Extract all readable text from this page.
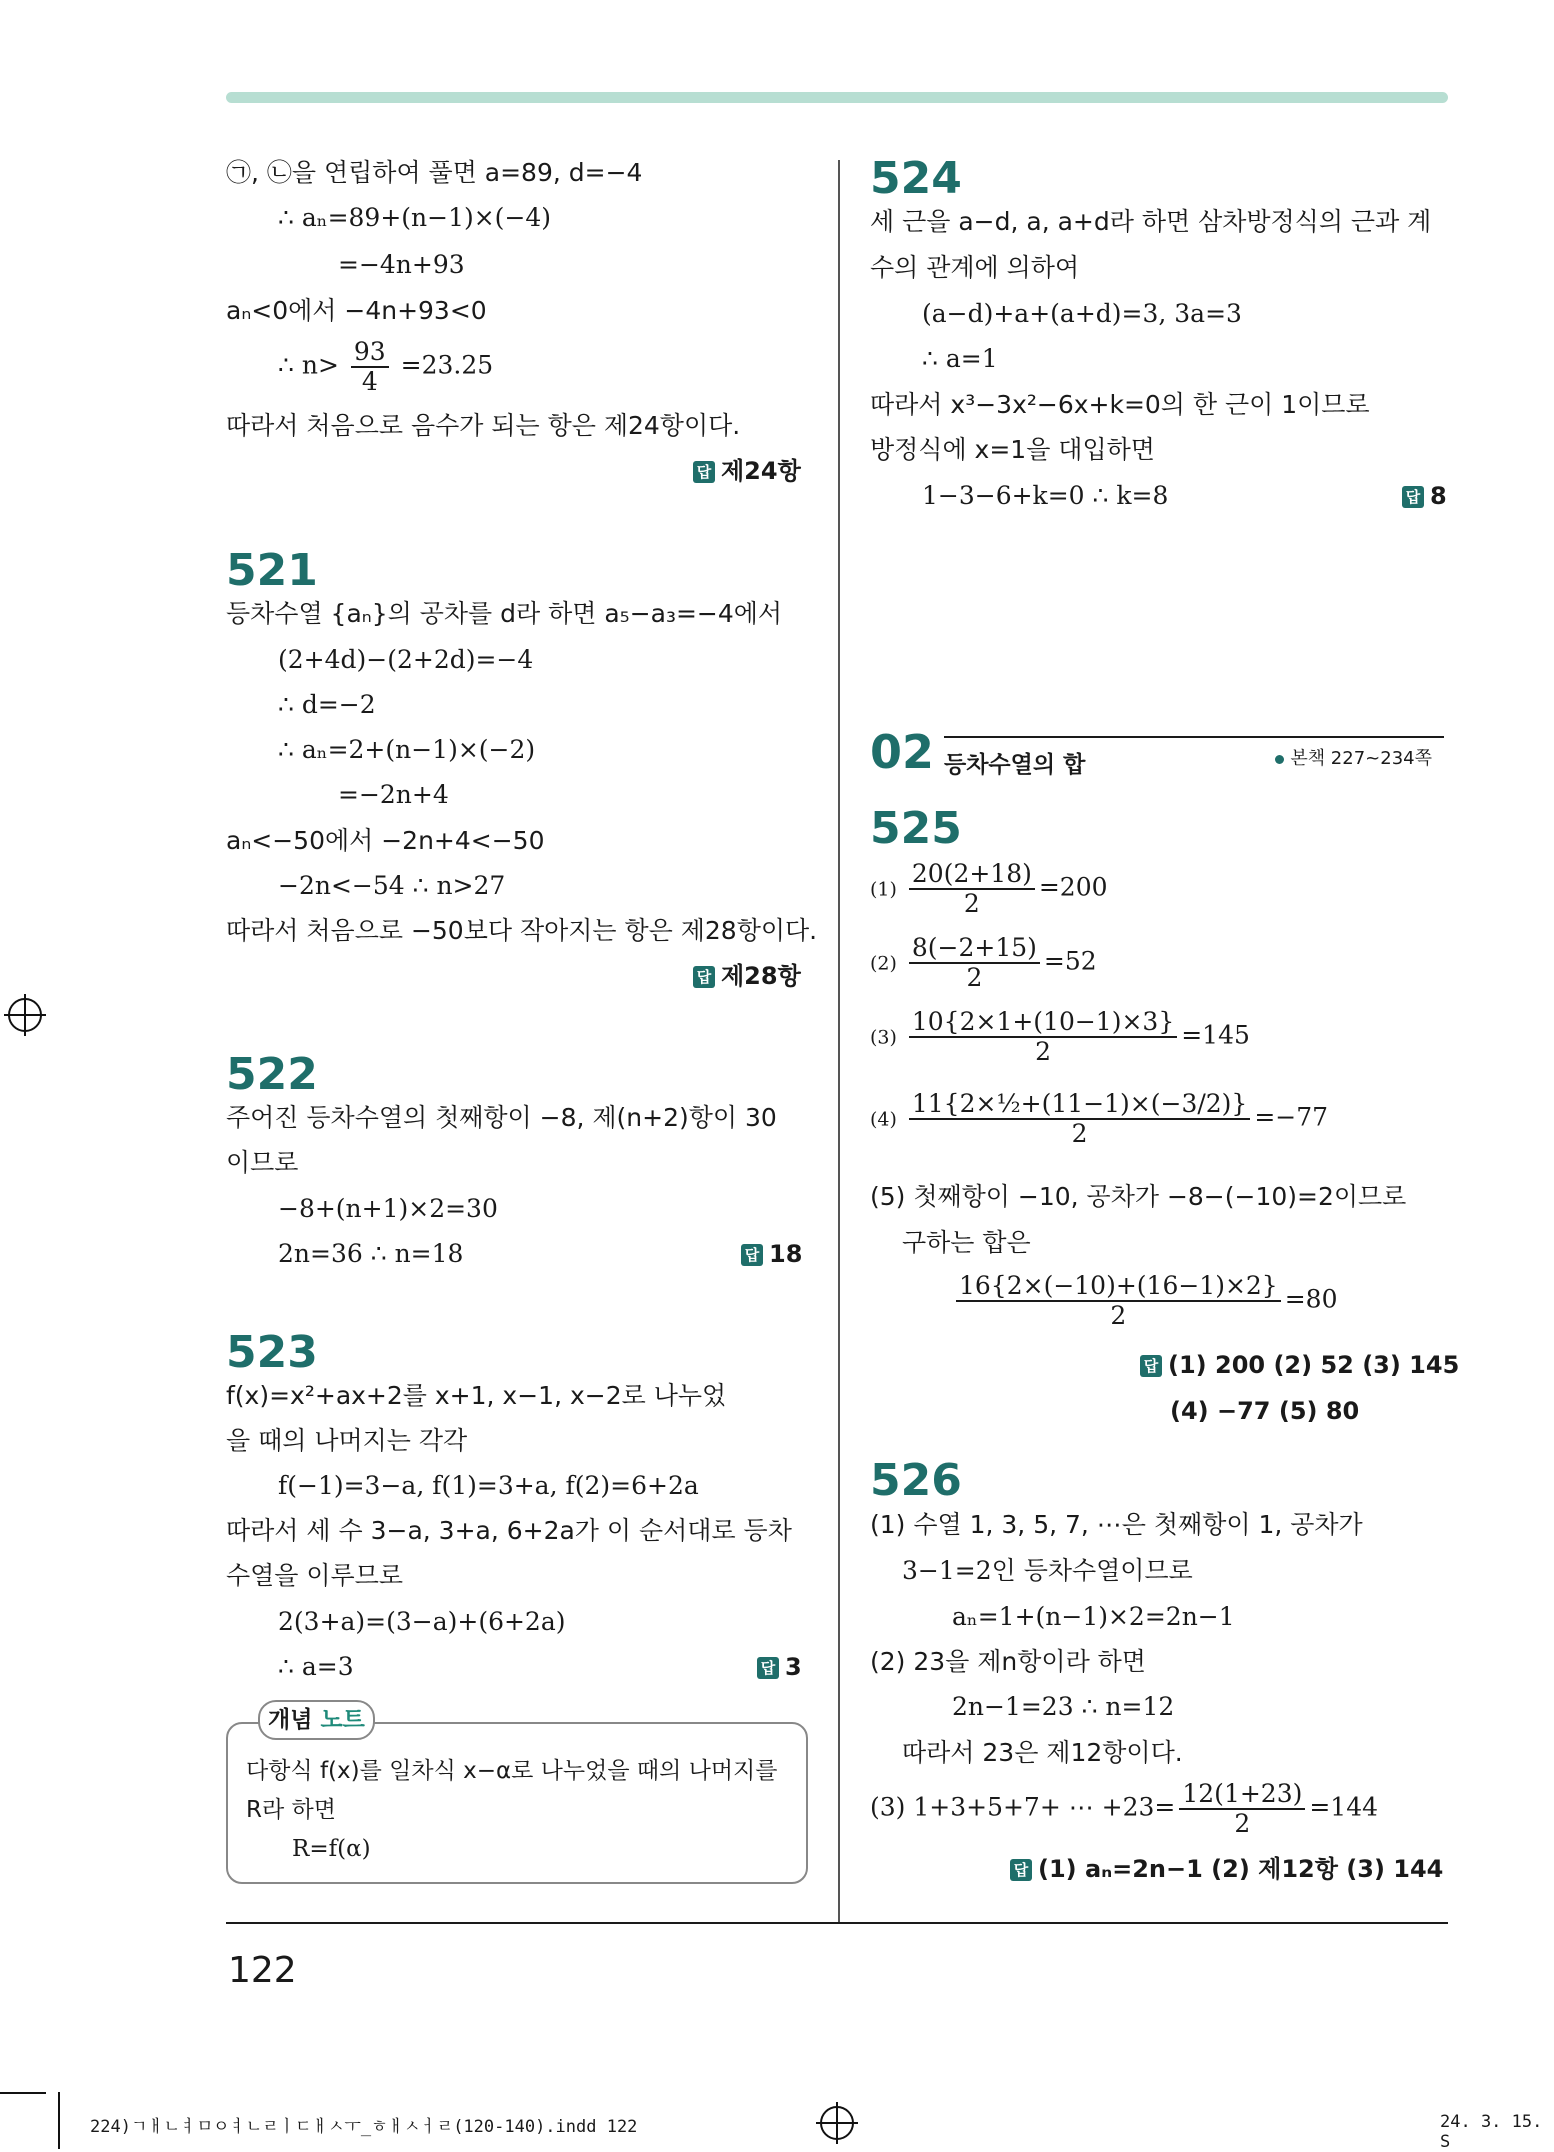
㉠, ㉡을 연립하여 풀면 a=89, d=−4
∴ aₙ=89+(n−1)×(−4)
=−4n+93
aₙ<0에서 −4n+93<0
∴ $n> \frac{93}{4} =23.25$
따라서 처음으로 음수가 되는 항은 제24항이다.
답 제24항
521
등차수열 {aₙ}의 공차를 d라 하면 a₅−a₃=−4에서
(2+4d)−(2+2d)=−4
∴ d=−2
∴ aₙ=2+(n−1)×(−2)
=−2n+4
aₙ<−50에서 −2n+4<−50
−2n<−54 ∴ n>27
따라서 처음으로 −50보다 작아지는 항은 제28항이다.
답 제28항
522
주어진 등차수열의 첫째항이 −8, 제(n+2)항이 30
이므로
−8+(n+1)×2=30
2n=36 ∴ n=18	답 18
523
f(x)=x²+ax+2를 x+1, x−1, x−2로 나누었
을 때의 나머지는 각각
f(−1)=3−a, f(1)=3+a, f(2)=6+2a
따라서 세 수 3−a, 3+a, 6+2a가 이 순서대로 등차
수열을 이루므로
2(3+a)=(3−a)+(6+2a)
∴ a=3	답 3
개념 노트
다항식 f(x)를 일차식 x−α로 나누었을 때의 나머지를
R라 하면
R=f(α)
524
세 근을 a−d, a, a+d라 하면 삼차방정식의 근과 계
수의 관계에 의하여
(a−d)+a+(a+d)=3, 3a=3
∴ a=1
따라서 x³−3x²−6x+k=0의 한 근이 1이므로
방정식에 x=1을 대입하면
1−3−6+k=0 ∴ k=8	답 8
02 등차수열의 합	본책 227~234쪽
525
$(1) \frac{20(2+18)}{2} =200$
$(2) \frac{8(-2+15)}{2} =52$
$(3) \frac{10\{2\times 1+(10-1)\times 3\}}{2} =145$
$(4) \frac{\text{11\{2×½+(11−1)×(−3/2)\}}}{2} =-77$
(5) 첫째항이 −10, 공차가 −8−(−10)=2이므로
구하는 합은
$\frac{16\{2\times(-10)+(16-1)\times 2\}}{2} =80$
답 (1) 200 (2) 52 (3) 145
(4) −77 (5) 80
526
(1) 수열 1, 3, 5, 7, ⋯은 첫째항이 1, 공차가
3−1=2인 등차수열이므로
aₙ=1+(n−1)×2=2n−1
(2) 23을 제n항이라 하면
2n−1=23 ∴ n=12
따라서 23은 제12항이다.
(3) 1+3+5+7+ ⋯ $+23= \frac{12(1+23)}{2} =144$
답 (1) aₙ=2n−1 (2) 제12항 (3) 144
122
224)ㄱㅐㄴㅕㅁㅇㅕㄴㄹㅣㄷㅐㅅㅜ_ㅎㅐㅅㅓㄹ(120-140).indd 122	24. 3. 15. S
